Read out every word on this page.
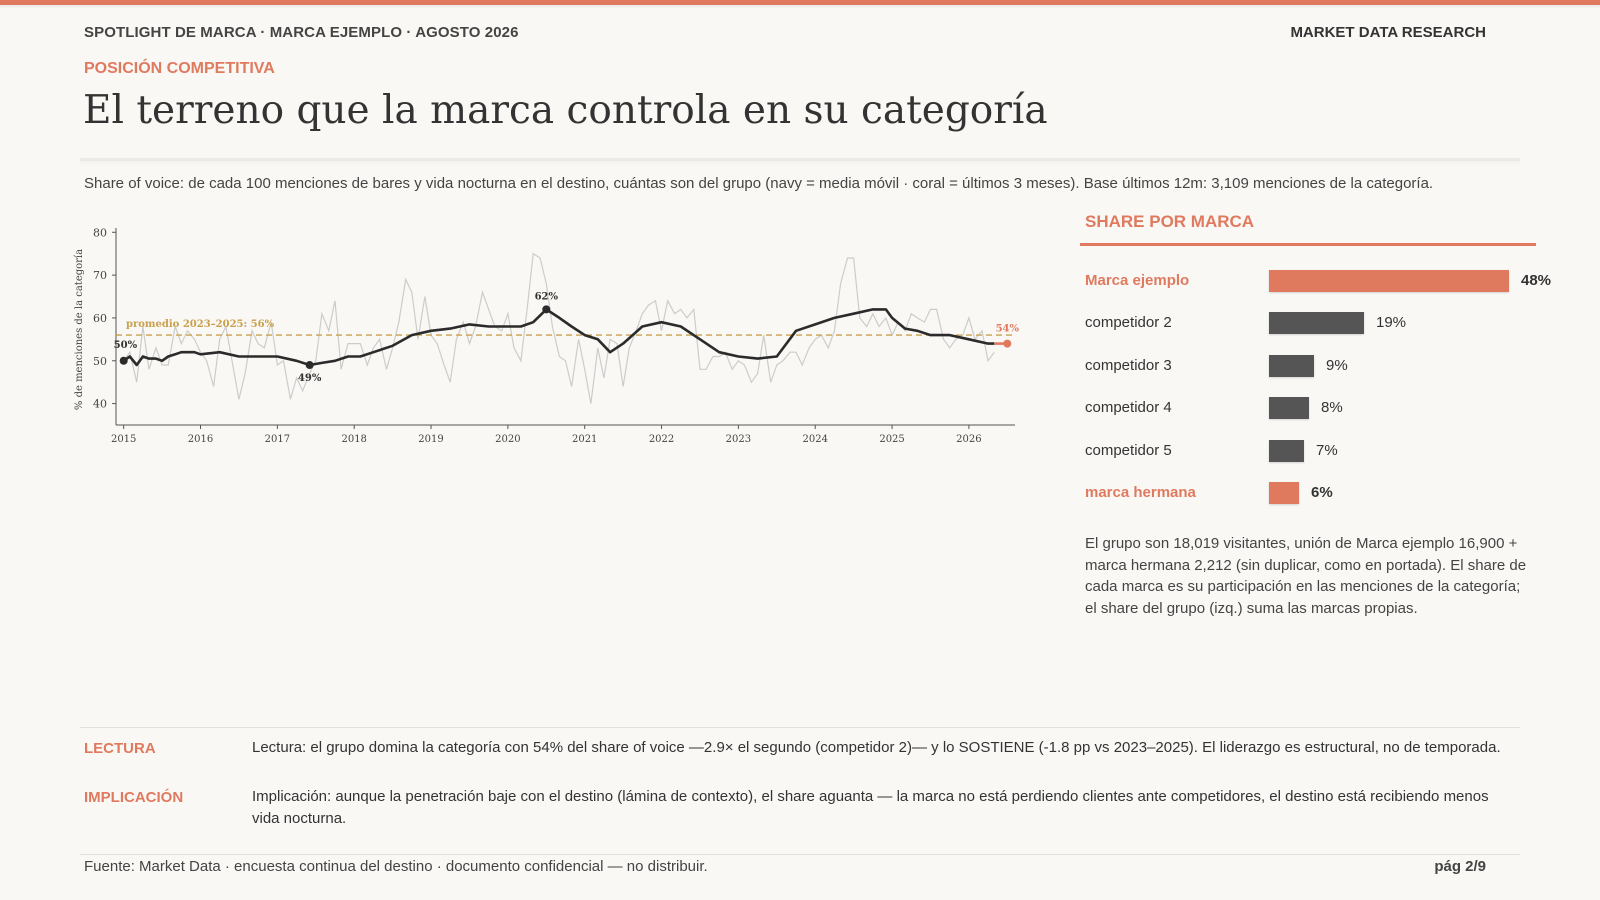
SPOTLIGHT DE MARCA · MARCA EJEMPLO · AGOSTO 2026	MARKET DATA RESEARCH
POSICIÓN COMPETITIVA
El terreno que la marca controla en su categoría
Share of voice: de cada 100 menciones de bares y vida nocturna en el destino, cuántas son del grupo (navy = media móvil · coral = últimos 3 meses). Base últimos 12m: 3,109 menciones de la categoría.
40
50
60
70
80
2015	2016	2017	2018	2019	2020	2021	2022	2023	2024	2025	2026
% de menciones de la categoría	promedio 2023–2025: 56%
50%
49%
62%
54%
SHARE POR MARCA
Marca ejemplo	48%
competidor 2	19%
competidor 3	9%
competidor 4	8%
competidor 5	7%
marca hermana	6%
El grupo son 18,019 visitantes, unión de Marca ejemplo 16,900 + marca hermana 2,212 (sin duplicar, como en portada). El share de cada marca es su participación en las menciones de la categoría; el share del grupo (izq.) suma las marcas propias.
LECTURA	Lectura: el grupo domina la categoría con 54% del share of voice —2.9× el segundo (competidor 2)— y lo SOSTIENE (-1.8 pp vs 2023–2025). El liderazgo es estructural, no de temporada.
IMPLICACIÓN	Implicación: aunque la penetración baje con el destino (lámina de contexto), el share aguanta — la marca no está perdiendo clientes ante competidores, el destino está recibiendo menos vida nocturna.
Fuente: Market Data · encuesta continua del destino · documento confidencial — no distribuir.	pág 2/9
